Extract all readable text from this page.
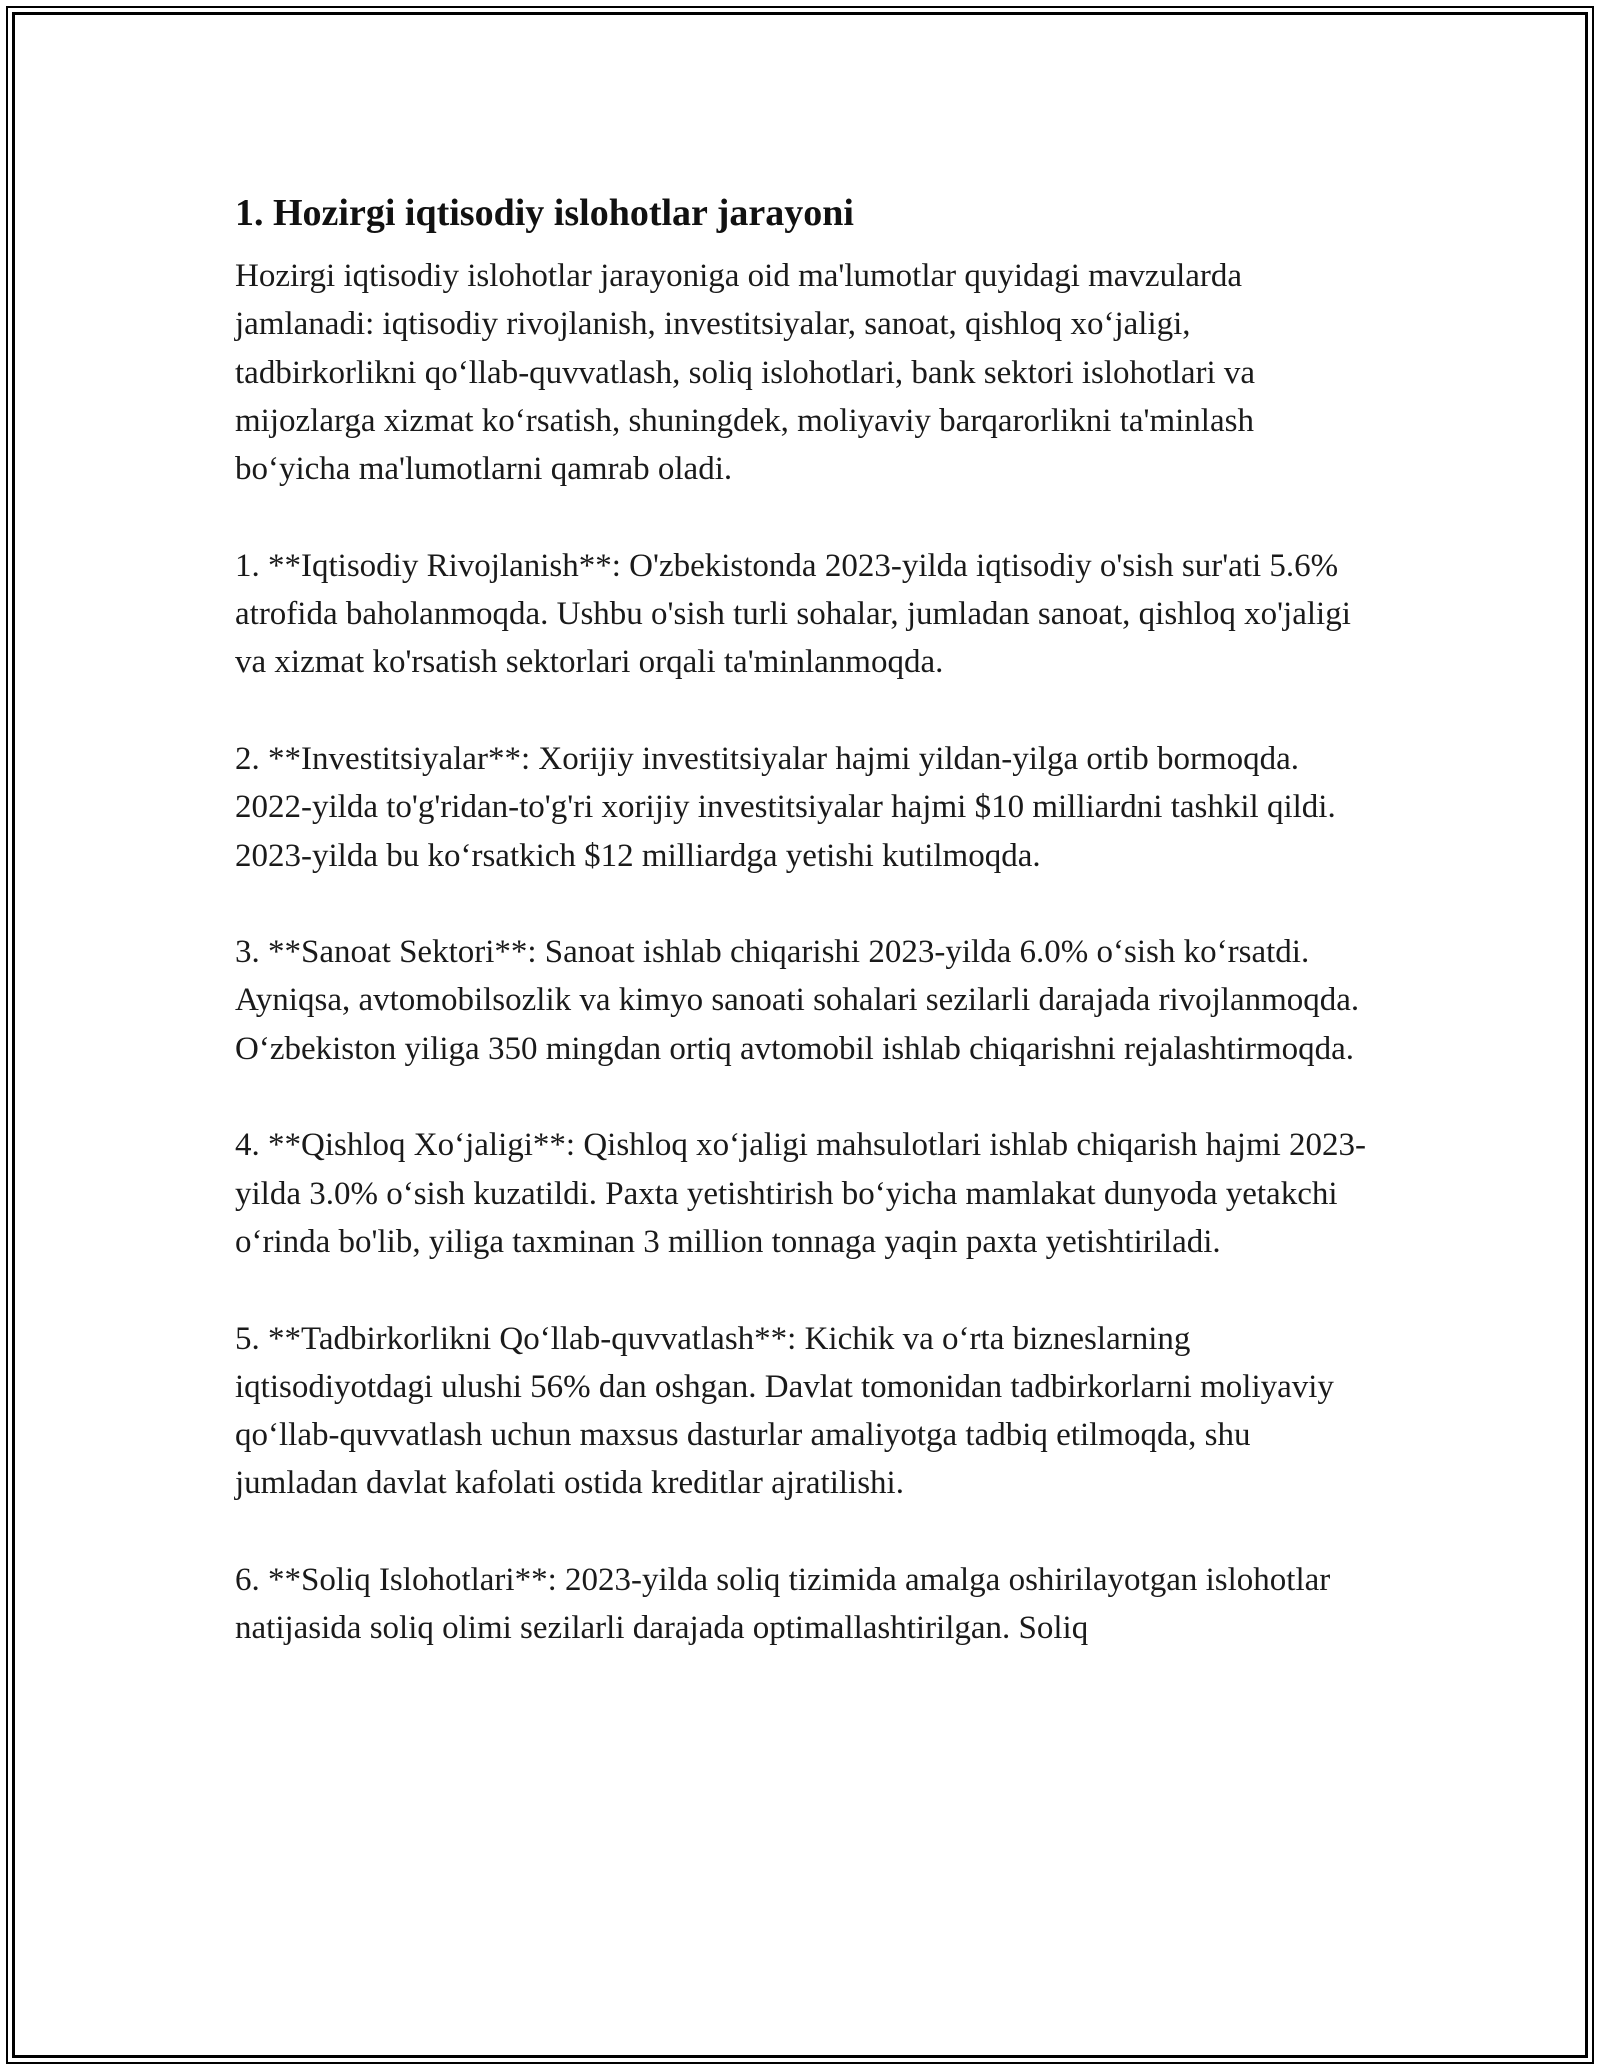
1. Hozirgi iqtisodiy islohotlar jarayoni

Hozirgi iqtisodiy islohotlar jarayoniga oid ma'lumotlar quyidagi mavzularda jamlanadi: iqtisodiy rivojlanish, investitsiyalar, sanoat, qishloq xo‘jaligi, tadbirkorlikni qo‘llab-quvvatlash, soliq islohotlari, bank sektori islohotlari va mijozlarga xizmat ko‘rsatish, shuningdek, moliyaviy barqarorlikni ta'minlash bo‘yicha ma'lumotlarni qamrab oladi.

1. **Iqtisodiy Rivojlanish**: O'zbekistonda 2023-yilda iqtisodiy o'sish sur'ati 5.6% atrofida baholanmoqda. Ushbu o'sish turli sohalar, jumladan sanoat, qishloq xo'jaligi va xizmat ko'rsatish sektorlari orqali ta'minlanmoqda.

2. **Investitsiyalar**: Xorijiy investitsiyalar hajmi yildan-yilga ortib bormoqda. 2022-yilda to'g'ridan-to'g'ri xorijiy investitsiyalar hajmi $10 milliardni tashkil qildi. 2023-yilda bu ko‘rsatkich $12 milliardga yetishi kutilmoqda.

3. **Sanoat Sektori**: Sanoat ishlab chiqarishi 2023-yilda 6.0% o‘sish ko‘rsatdi. Ayniqsa, avtomobilsozlik va kimyo sanoati sohalari sezilarli darajada rivojlanmoqda. O‘zbekiston yiliga 350 mingdan ortiq avtomobil ishlab chiqarishni rejalashtirmoqda.

4. **Qishloq Xo‘jaligi**: Qishloq xo‘jaligi mahsulotlari ishlab chiqarish hajmi 2023-yilda 3.0% o‘sish kuzatildi. Paxta yetishtirish bo‘yicha mamlakat dunyoda yetakchi o‘rinda bo'lib, yiliga taxminan 3 million tonnaga yaqin paxta yetishtiriladi.

5. **Tadbirkorlikni Qo‘llab-quvvatlash**: Kichik va o‘rta bizneslarning iqtisodiyotdagi ulushi 56% dan oshgan. Davlat tomonidan tadbirkorlarni moliyaviy qo‘llab-quvvatlash uchun maxsus dasturlar amaliyotga tadbiq etilmoqda, shu jumladan davlat kafolati ostida kreditlar ajratilishi.

6. **Soliq Islohotlari**: 2023-yilda soliq tizimida amalga oshirilayotgan islohotlar natijasida soliq olimi sezilarli darajada optimallashtirilgan. Soliq
